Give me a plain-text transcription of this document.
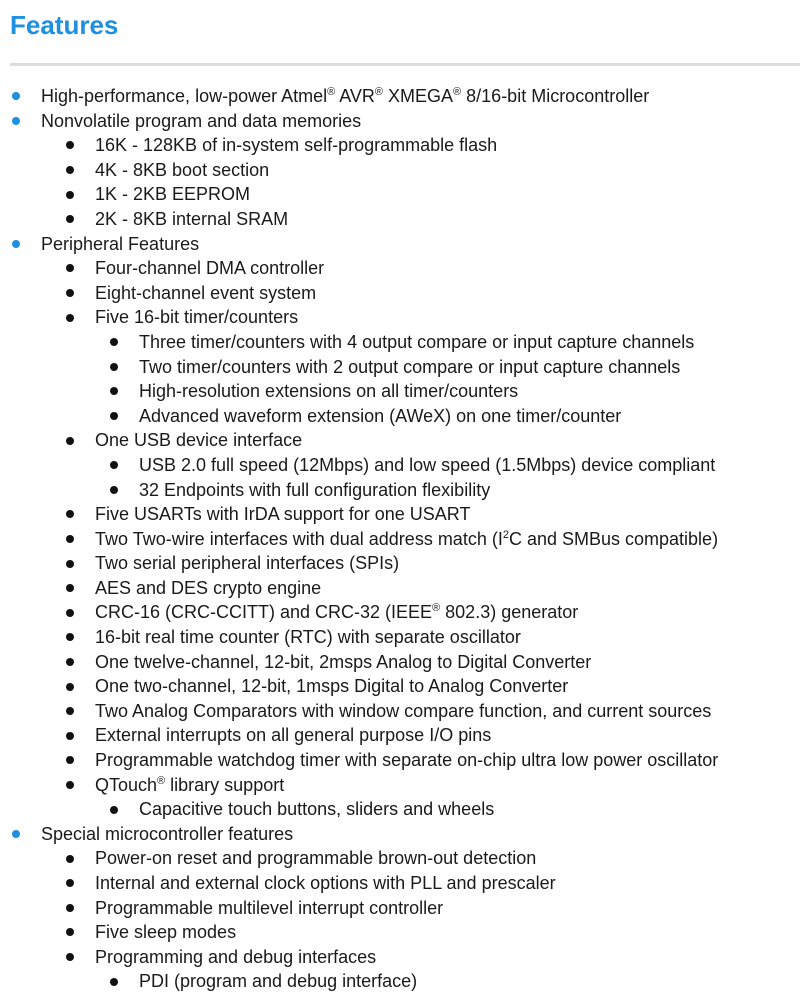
Features
High-performance, low-power Atmel® AVR® XMEGA® 8/16-bit Microcontroller
Nonvolatile program and data memories
16K - 128KB of in-system self-programmable flash
4K - 8KB boot section
1K - 2KB EEPROM
2K - 8KB internal SRAM
Peripheral Features
Four-channel DMA controller
Eight-channel event system
Five 16-bit timer/counters
Three timer/counters with 4 output compare or input capture channels
Two timer/counters with 2 output compare or input capture channels
High-resolution extensions on all timer/counters
Advanced waveform extension (AWeX) on one timer/counter
One USB device interface
USB 2.0 full speed (12Mbps) and low speed (1.5Mbps) device compliant
32 Endpoints with full configuration flexibility
Five USARTs with IrDA support for one USART
Two Two-wire interfaces with dual address match ($I^2C$ and SMBus compatible)
Two serial peripheral interfaces (SPIs)
AES and DES crypto engine
CRC-16 (CRC-CCITT) and CRC-32 (IEEE® 802.3) generator
16-bit real time counter (RTC) with separate oscillator
One twelve-channel, 12-bit, 2msps Analog to Digital Converter
One two-channel, 12-bit, 1msps Digital to Analog Converter
Two Analog Comparators with window compare function, and current sources
External interrupts on all general purpose I/O pins
Programmable watchdog timer with separate on-chip ultra low power oscillator
QTouch® library support
Capacitive touch buttons, sliders and wheels
Special microcontroller features
Power-on reset and programmable brown-out detection
Internal and external clock options with PLL and prescaler
Programmable multilevel interrupt controller
Five sleep modes
Programming and debug interfaces
PDI (program and debug interface)
